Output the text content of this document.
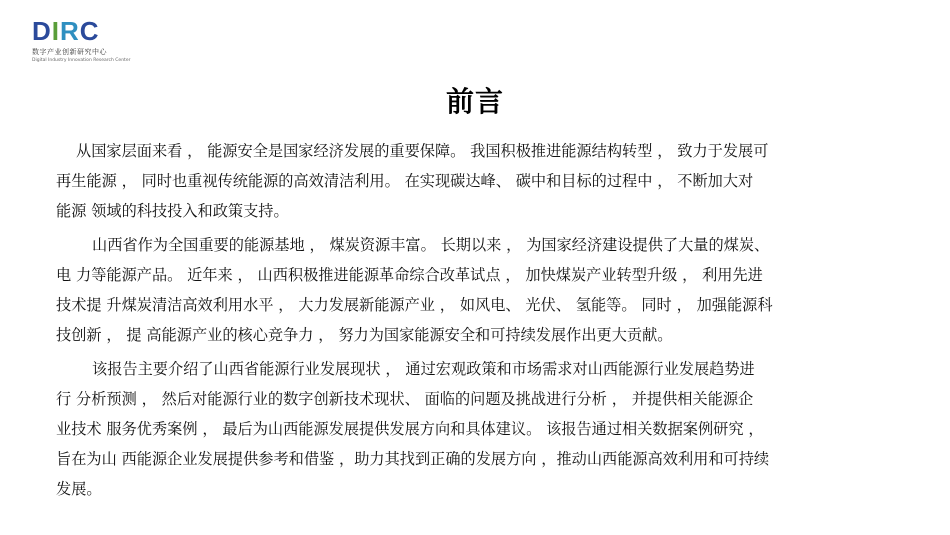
D I R C
数字产业创新研究中心
Digital Industry Innovation Research Center
前言

从国家层面来看 ， 能源安全是国家经济发展的重要保障。 我国积极推进能源结构转型 ， 致力于发展可
再生能源 ， 同时也重视传统能源的高效清洁利用。 在实现碳达峰、 碳中和目标的过程中 ， 不断加大对
能源 领域的科技投入和政策支持。

山西省作为全国重要的能源基地 ， 煤炭资源丰富。 长期以来 ， 为国家经济建设提供了大量的煤炭、
电 力等能源产品。 近年来 ， 山西积极推进能源革命综合改革试点 ， 加快煤炭产业转型升级 ， 利用先进
技术提 升煤炭清洁高效利用水平 ， 大力发展新能源产业 ， 如风电、 光伏、 氢能等。 同时 ， 加强能源科
技创新 ， 提 高能源产业的核心竞争力 ， 努力为国家能源安全和可持续发展作出更大贡献。

该报告主要介绍了山西省能源行业发展现状 ， 通过宏观政策和市场需求对山西能源行业发展趋势进
行 分析预测 ， 然后对能源行业的数字创新技术现状、 面临的问题及挑战进行分析 ， 并提供相关能源企
业技术 服务优秀案例 ， 最后为山西能源发展提供发展方向和具体建议。 该报告通过相关数据案例研究 ，
旨在为山 西能源企业发展提供参考和借鉴 ，助力其找到正确的发展方向 ，推动山西能源高效利用和可持续
发展。
